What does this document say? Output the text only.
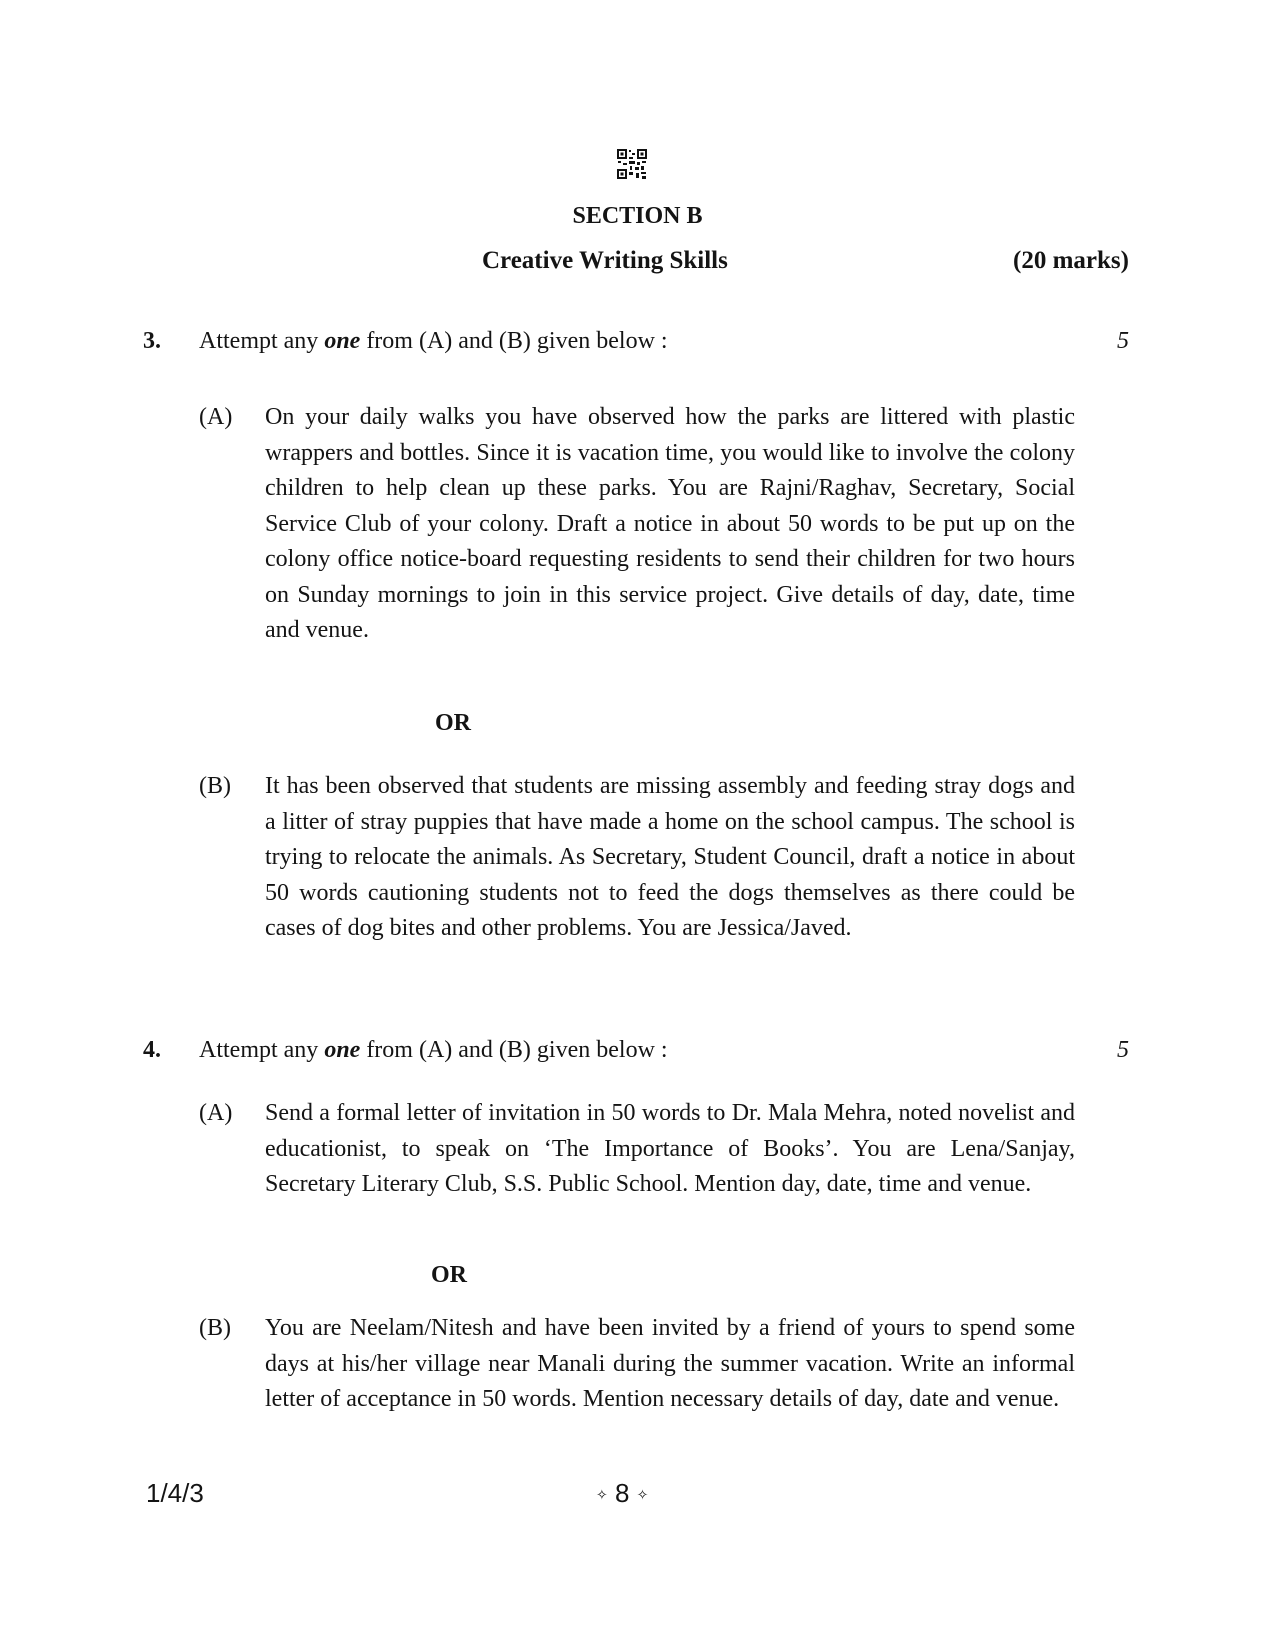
SECTION B
Creative Writing Skills	(20 marks)
3. Attempt any one from (A) and (B) given below :	5
(A) On your daily walks you have observed how the parks are littered with plastic wrappers and bottles. Since it is vacation time, you would like to involve the colony children to help clean up these parks. You are Rajni/Raghav, Secretary, Social Service Club of your colony. Draft a notice in about 50 words to be put up on the colony office notice-board requesting residents to send their children for two hours on Sunday mornings to join in this service project. Give details of day, date, time and venue.
OR
(B) It has been observed that students are missing assembly and feeding stray dogs and a litter of stray puppies that have made a home on the school campus. The school is trying to relocate the animals. As Secretary, Student Council, draft a notice in about 50 words cautioning students not to feed the dogs themselves as there could be cases of dog bites and other problems. You are Jessica/Javed.
4. Attempt any one from (A) and (B) given below :	5
(A) Send a formal letter of invitation in 50 words to Dr. Mala Mehra, noted novelist and educationist, to speak on ‘The Importance of Books’. You are Lena/Sanjay, Secretary Literary Club, S.S. Public School. Mention day, date, time and venue.
OR
(B) You are Neelam/Nitesh and have been invited by a friend of yours to spend some days at his/her village near Manali during the summer vacation. Write an informal letter of acceptance in 50 words. Mention necessary details of day, date and venue.
1/4/3	✧ 8 ✧
